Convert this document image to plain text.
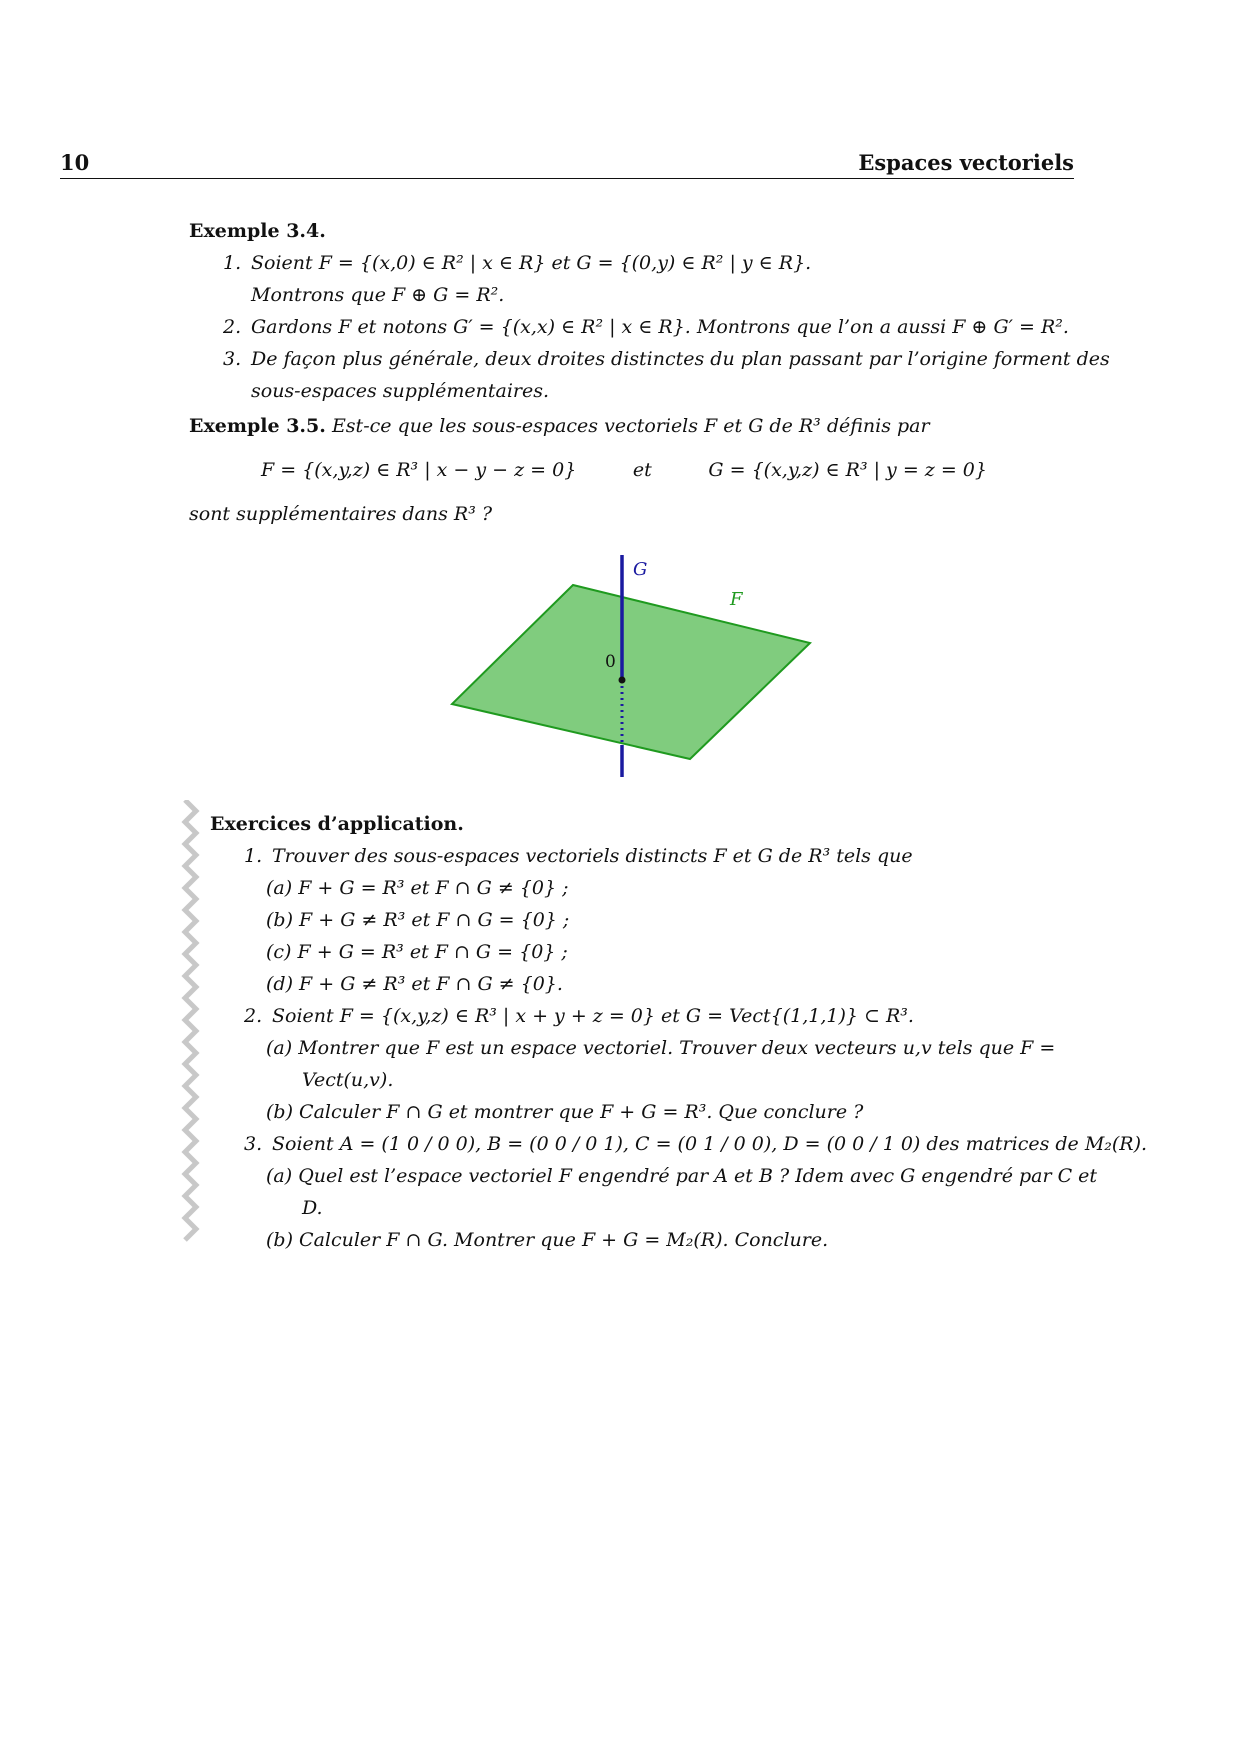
10	Espaces vectoriels
Exemple 3.4.
1. Soient F = {(x,0) ∈ R² | x ∈ R} et G = {(0,y) ∈ R² | y ∈ R}.
Montrons que F ⊕ G = R².
2. Gardons F et notons G′ = {(x,x) ∈ R² | x ∈ R}. Montrons que l’on a aussi F ⊕ G′ = R².
3. De façon plus générale, deux droites distinctes du plan passant par l’origine forment des
sous-espaces supplémentaires.
Exemple 3.5. Est-ce que les sous-espaces vectoriels F et G de R³ définis par
F = {(x,y,z) ∈ R³ | x − y − z = 0}	et	G = {(x,y,z) ∈ R³ | y = z = 0}
sont supplémentaires dans R³ ?
G
F
0
Exercices d’application.
1. Trouver des sous-espaces vectoriels distincts F et G de R³ tels que
(a) F + G = R³ et F ∩ G ≠ {0} ;
(b) F + G ≠ R³ et F ∩ G = {0} ;
(c) F + G = R³ et F ∩ G = {0} ;
(d) F + G ≠ R³ et F ∩ G ≠ {0}.
2. Soient F = {(x,y,z) ∈ R³ | x + y + z = 0} et G = Vect{(1,1,1)} ⊂ R³.
(a) Montrer que F est un espace vectoriel. Trouver deux vecteurs u,v tels que F =
Vect(u,v).
(b) Calculer F ∩ G et montrer que F + G = R³. Que conclure ?
3. Soient A = (1 0 / 0 0), B = (0 0 / 0 1), C = (0 1 / 0 0), D = (0 0 / 1 0) des matrices de M₂(R).
(a) Quel est l’espace vectoriel F engendré par A et B ? Idem avec G engendré par C et
D.
(b) Calculer F ∩ G. Montrer que F + G = M₂(R). Conclure.
